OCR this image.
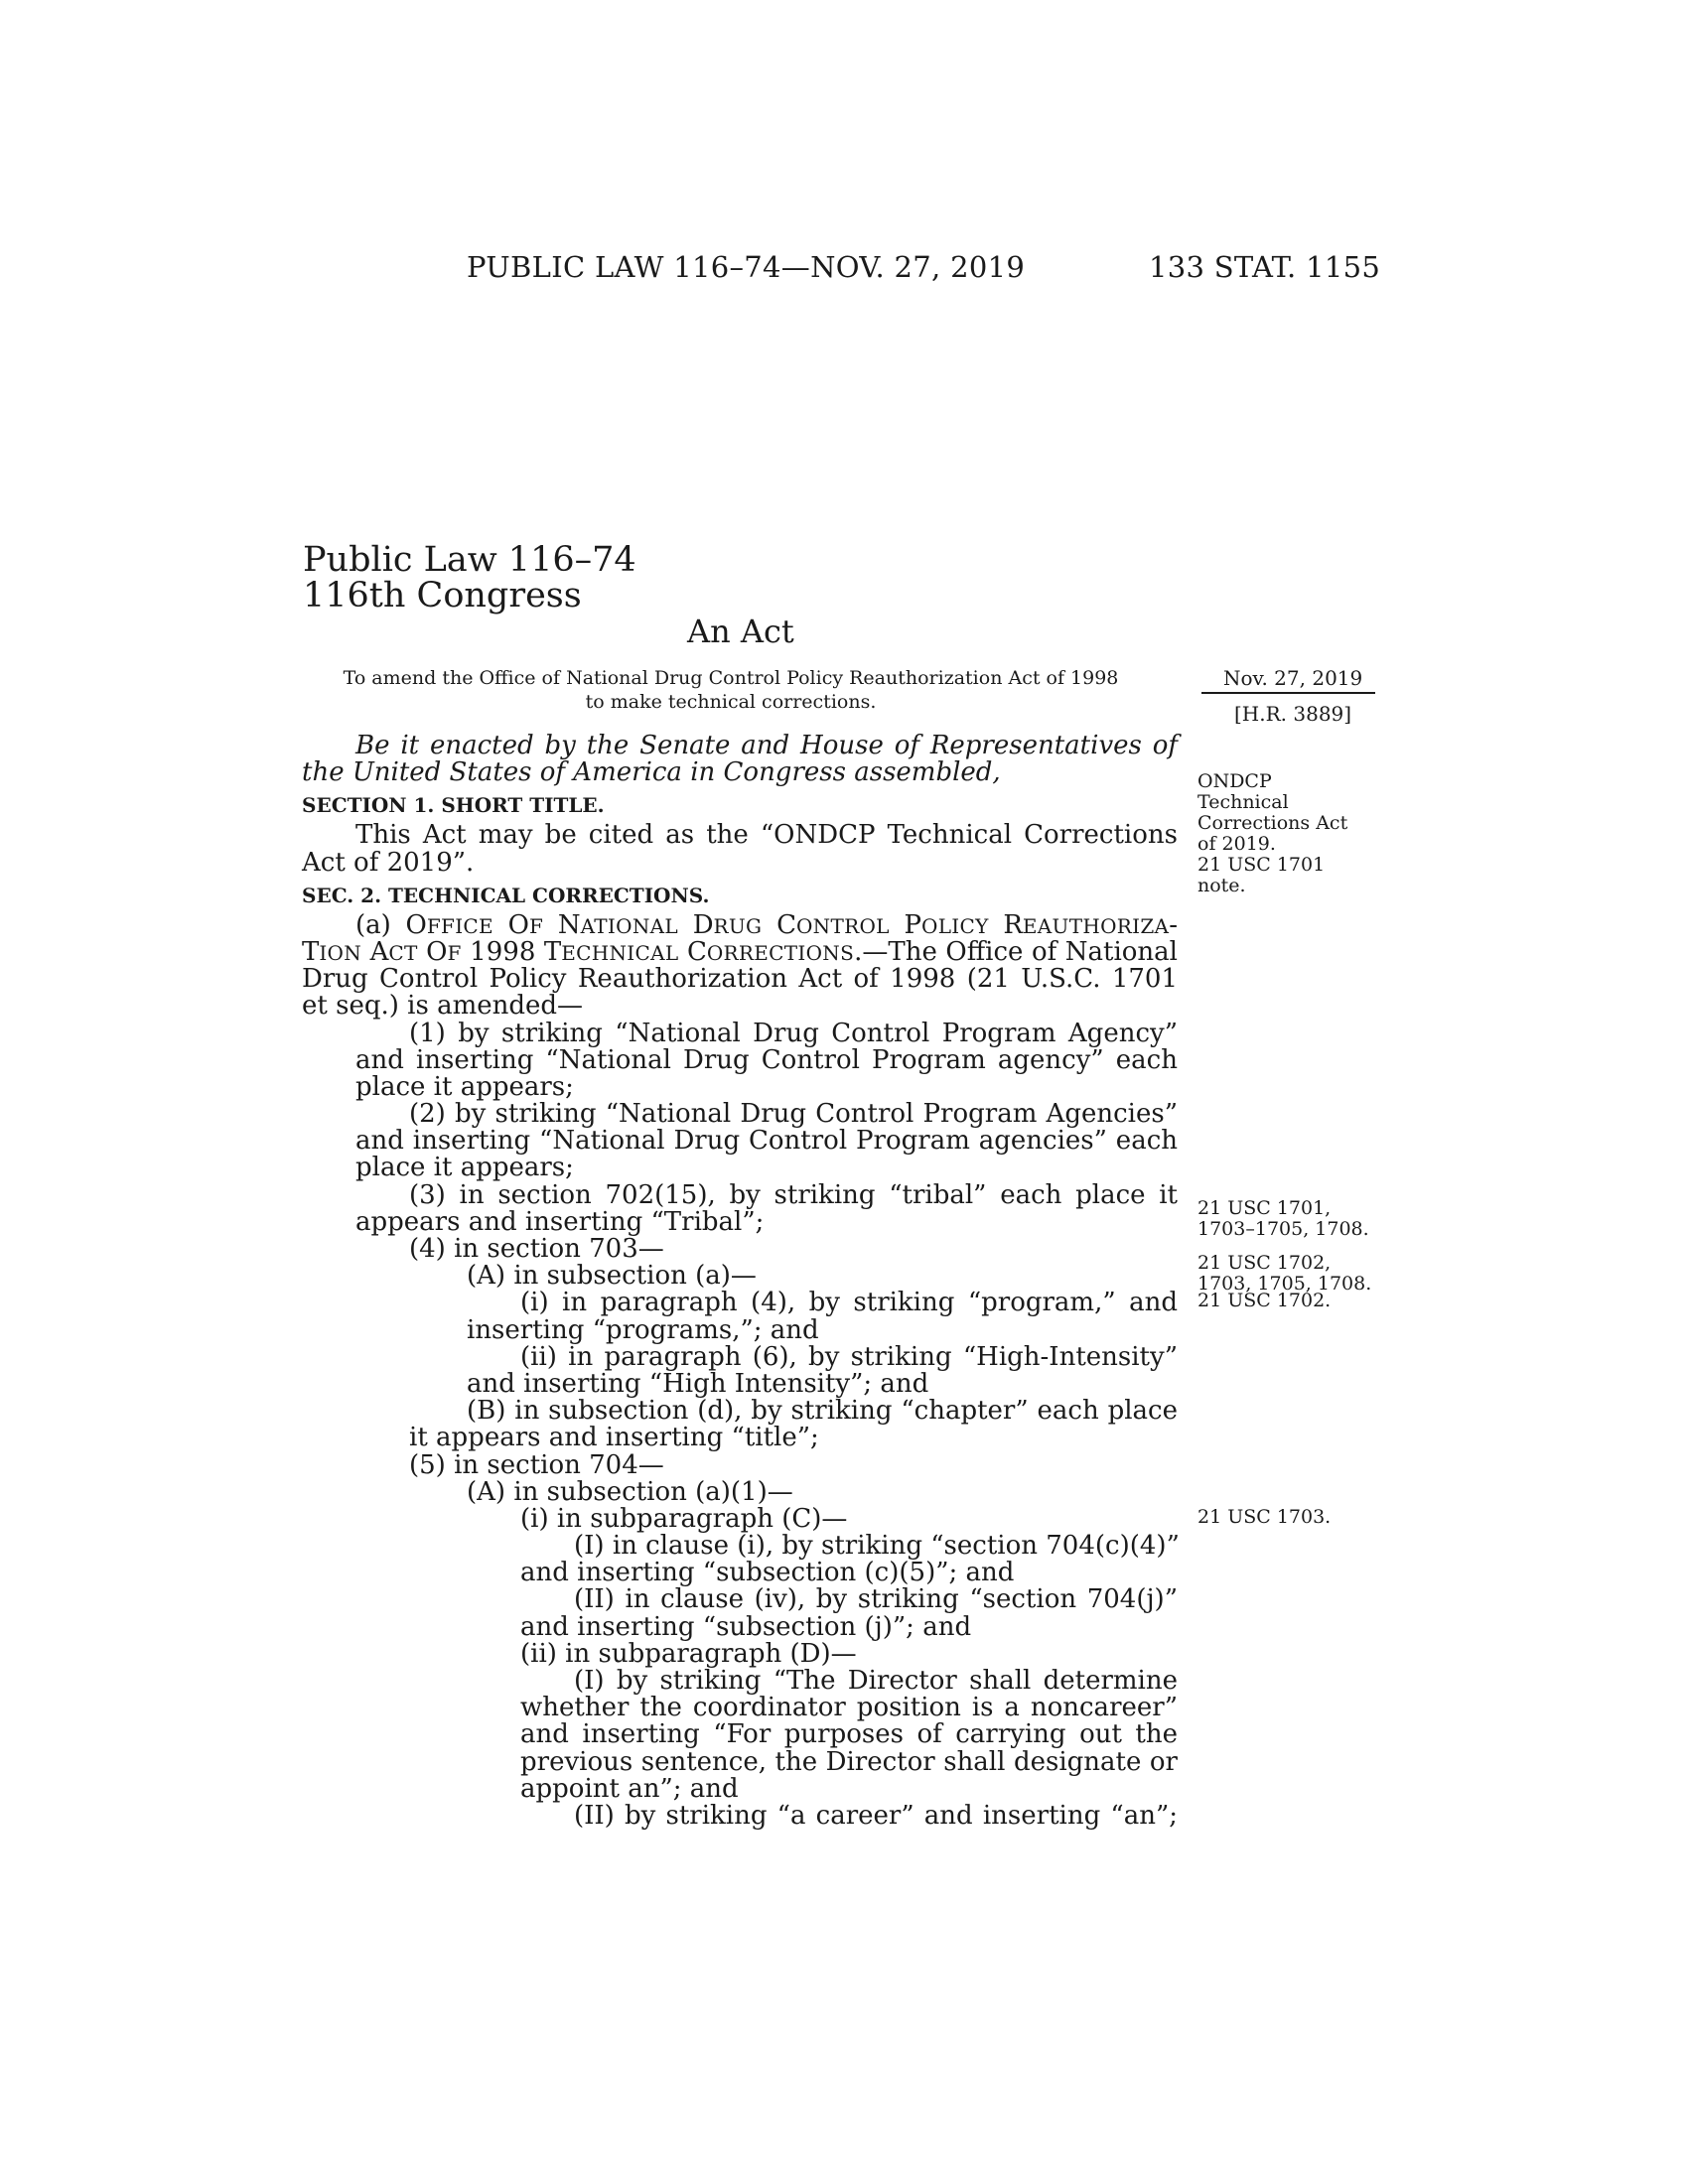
PUBLIC LAW 116–74—NOV. 27, 2019	133 STAT. 1155
Public Law 116–74
116th Congress
An Act
To amend the Office of National Drug Control Policy Reauthorization Act of 1998
to make technical corrections.
Nov. 27, 2019
[H.R. 3889]
ONDCP
Technical
Corrections Act
of 2019.
21 USC 1701
note.
21 USC 1701,
1703–1705, 1708.
21 USC 1702,
1703, 1705, 1708.
Be it enacted by the Senate and House of Representatives of
the United States of America in Congress assembled,
SECTION 1. SHORT TITLE.
This Act may be cited as the “ONDCP Technical Corrections
Act of 2019”.
SEC. 2. TECHNICAL CORRECTIONS.
(a) OFFICE OF NATIONAL DRUG CONTROL POLICY REAUTHORIZA-
TION ACT OF 1998 TECHNICAL CORRECTIONS.—The Office of National
Drug Control Policy Reauthorization Act of 1998 (21 U.S.C. 1701
et seq.) is amended—
(1) by striking “National Drug Control Program Agency”
and inserting “National Drug Control Program agency” each
place it appears;
(2) by striking “National Drug Control Program Agencies”
and inserting “National Drug Control Program agencies” each
place it appears;
(3) in section 702(15), by striking “tribal” each place it
appears and inserting “Tribal”;
(4) in section 703—
(A) in subsection (a)—
(i) in paragraph (4), by striking “program,” and
inserting “programs,”; and
(ii) in paragraph (6), by striking “High-Intensity”
and inserting “High Intensity”; and
(B) in subsection (d), by striking “chapter” each place
it appears and inserting “title”;
(5) in section 704—
(A) in subsection (a)(1)—
(i) in subparagraph (C)—
(I) in clause (i), by striking “section 704(c)(4)”
and inserting “subsection (c)(5)”; and
(II) in clause (iv), by striking “section 704(j)”
and inserting “subsection (j)”; and
(ii) in subparagraph (D)—
(I) by striking “The Director shall determine
whether the coordinator position is a noncareer”
and inserting “For purposes of carrying out the
previous sentence, the Director shall designate or
appoint an”; and
(II) by striking “a career” and inserting “an”;
21 USC 1702.
21 USC 1703.
